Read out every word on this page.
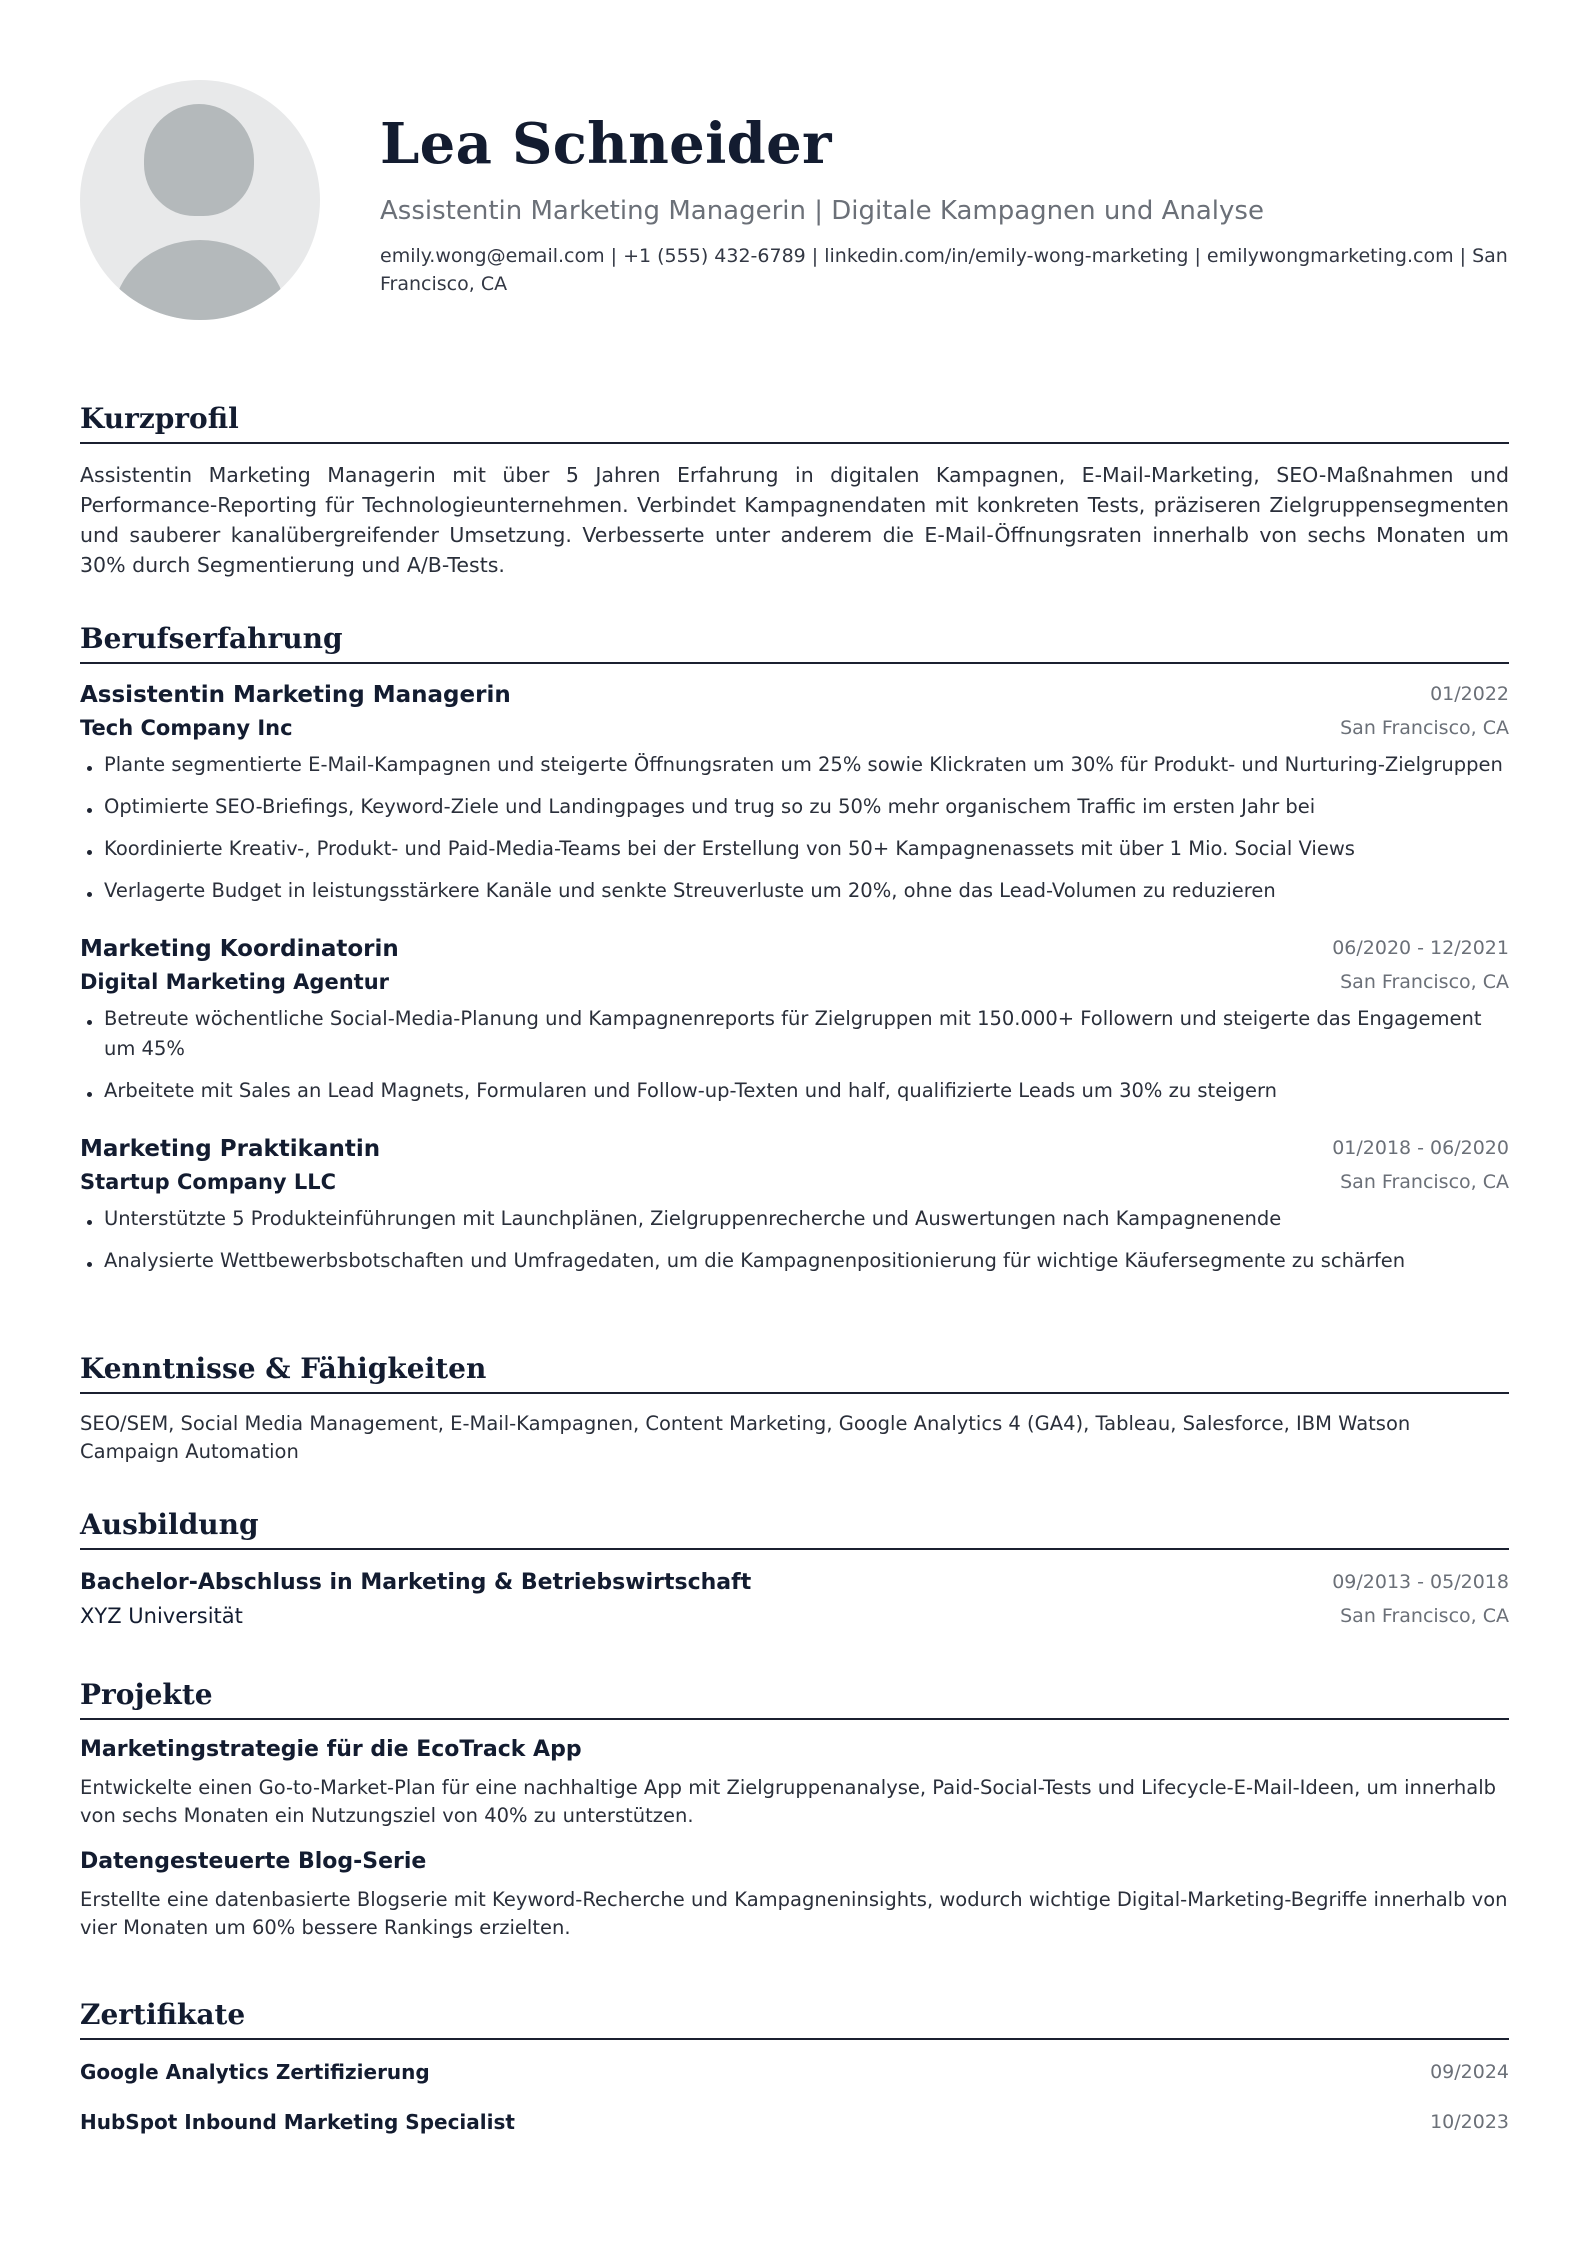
Lea Schneider
Assistentin Marketing Managerin | Digitale Kampagnen und Analyse
emily.wong@email.com | +1 (555) 432-6789 | linkedin.com/in/emily-wong-marketing | emilywongmarketing.com | San Francisco, CA
Kurzprofil
Assistentin Marketing Managerin mit über 5 Jahren Erfahrung in digitalen Kampagnen, E-Mail-Marketing, SEO-Maßnahmen und Performance-Reporting für Technologieunternehmen. Verbindet Kampagnendaten mit konkreten Tests, präziseren Zielgruppensegmenten und sauberer kanalübergreifender Umsetzung. Verbesserte unter anderem die E-Mail-Öffnungsraten innerhalb von sechs Monaten um 30% durch Segmentierung und A/B-Tests.
Berufserfahrung
Assistentin Marketing Managerin	01/2022
Tech Company Inc	San Francisco, CA
Plante segmentierte E-Mail-Kampagnen und steigerte Öffnungsraten um 25% sowie Klickraten um 30% für Produkt- und Nurturing-Zielgruppen
Optimierte SEO-Briefings, Keyword-Ziele und Landingpages und trug so zu 50% mehr organischem Traffic im ersten Jahr bei
Koordinierte Kreativ-, Produkt- und Paid-Media-Teams bei der Erstellung von 50+ Kampagnenassets mit über 1 Mio. Social Views
Verlagerte Budget in leistungsstärkere Kanäle und senkte Streuverluste um 20%, ohne das Lead-Volumen zu reduzieren
Marketing Koordinatorin	06/2020 - 12/2021
Digital Marketing Agentur	San Francisco, CA
Betreute wöchentliche Social-Media-Planung und Kampagnenreports für Zielgruppen mit 150.000+ Followern und steigerte das Engagement um 45%
Arbeitete mit Sales an Lead Magnets, Formularen und Follow-up-Texten und half, qualifizierte Leads um 30% zu steigern
Marketing Praktikantin	01/2018 - 06/2020
Startup Company LLC	San Francisco, CA
Unterstützte 5 Produkteinführungen mit Launchplänen, Zielgruppenrecherche und Auswertungen nach Kampagnenende
Analysierte Wettbewerbsbotschaften und Umfragedaten, um die Kampagnenpositionierung für wichtige Käufersegmente zu schärfen
Kenntnisse & Fähigkeiten
SEO/SEM, Social Media Management, E-Mail-Kampagnen, Content Marketing, Google Analytics 4 (GA4), Tableau, Salesforce, IBM Watson Campaign Automation
Ausbildung
Bachelor-Abschluss in Marketing & Betriebswirtschaft	09/2013 - 05/2018
XYZ Universität	San Francisco, CA
Projekte
Marketingstrategie für die EcoTrack App
Entwickelte einen Go-to-Market-Plan für eine nachhaltige App mit Zielgruppenanalyse, Paid-Social-Tests und Lifecycle-E-Mail-Ideen, um innerhalb von sechs Monaten ein Nutzungsziel von 40% zu unterstützen.
Datengesteuerte Blog-Serie
Erstellte eine datenbasierte Blogserie mit Keyword-Recherche und Kampagneninsights, wodurch wichtige Digital-Marketing-Begriffe innerhalb von vier Monaten um 60% bessere Rankings erzielten.
Zertifikate
Google Analytics Zertifizierung	09/2024
HubSpot Inbound Marketing Specialist	10/2023
